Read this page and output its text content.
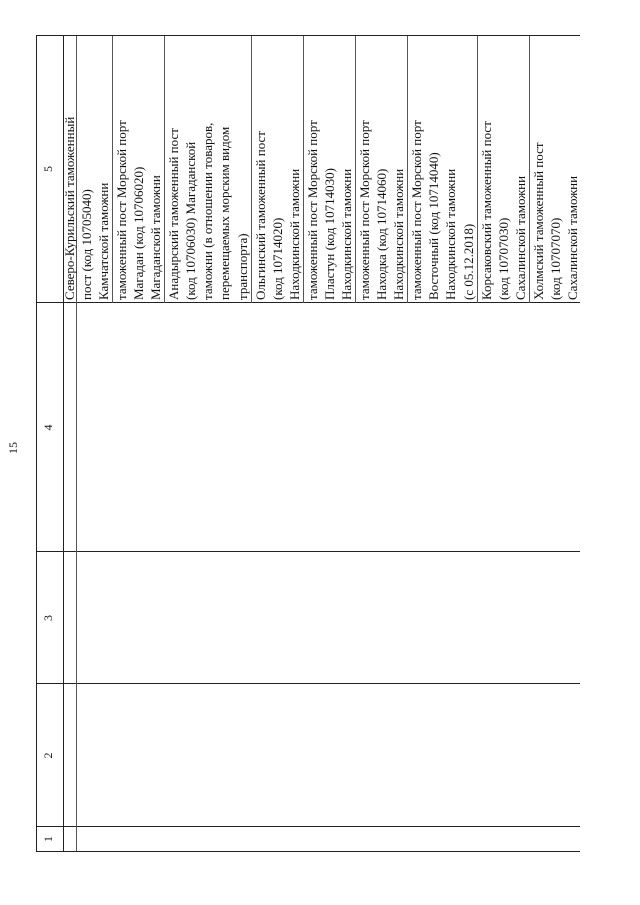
15
1
2
3
4
5 Северо-Курильский таможенный пост (код 10705040) Камчатской таможни таможенный пост Морской порт Магадан (код 10706020) Магаданской таможни Анадырский таможенный пост (код 10706030) Магаданской таможни (в отношении товаров, перемещаемых морским видом транспорта) Ольгинский таможенный пост (код 10714020) Находкинской таможни таможенный пост Морской порт Пластун (код 10714030) Находкинской таможни таможенный пост Морской порт Находка (код 10714060) Находкинской таможни таможенный пост Морской порт Восточный (код 10714040) Находкинской таможни (с 05.12.2018) Корсаковский таможенный пост (код 10707030) Сахалинской таможни Холмский таможенный пост (код 10707070) Сахалинской таможни
